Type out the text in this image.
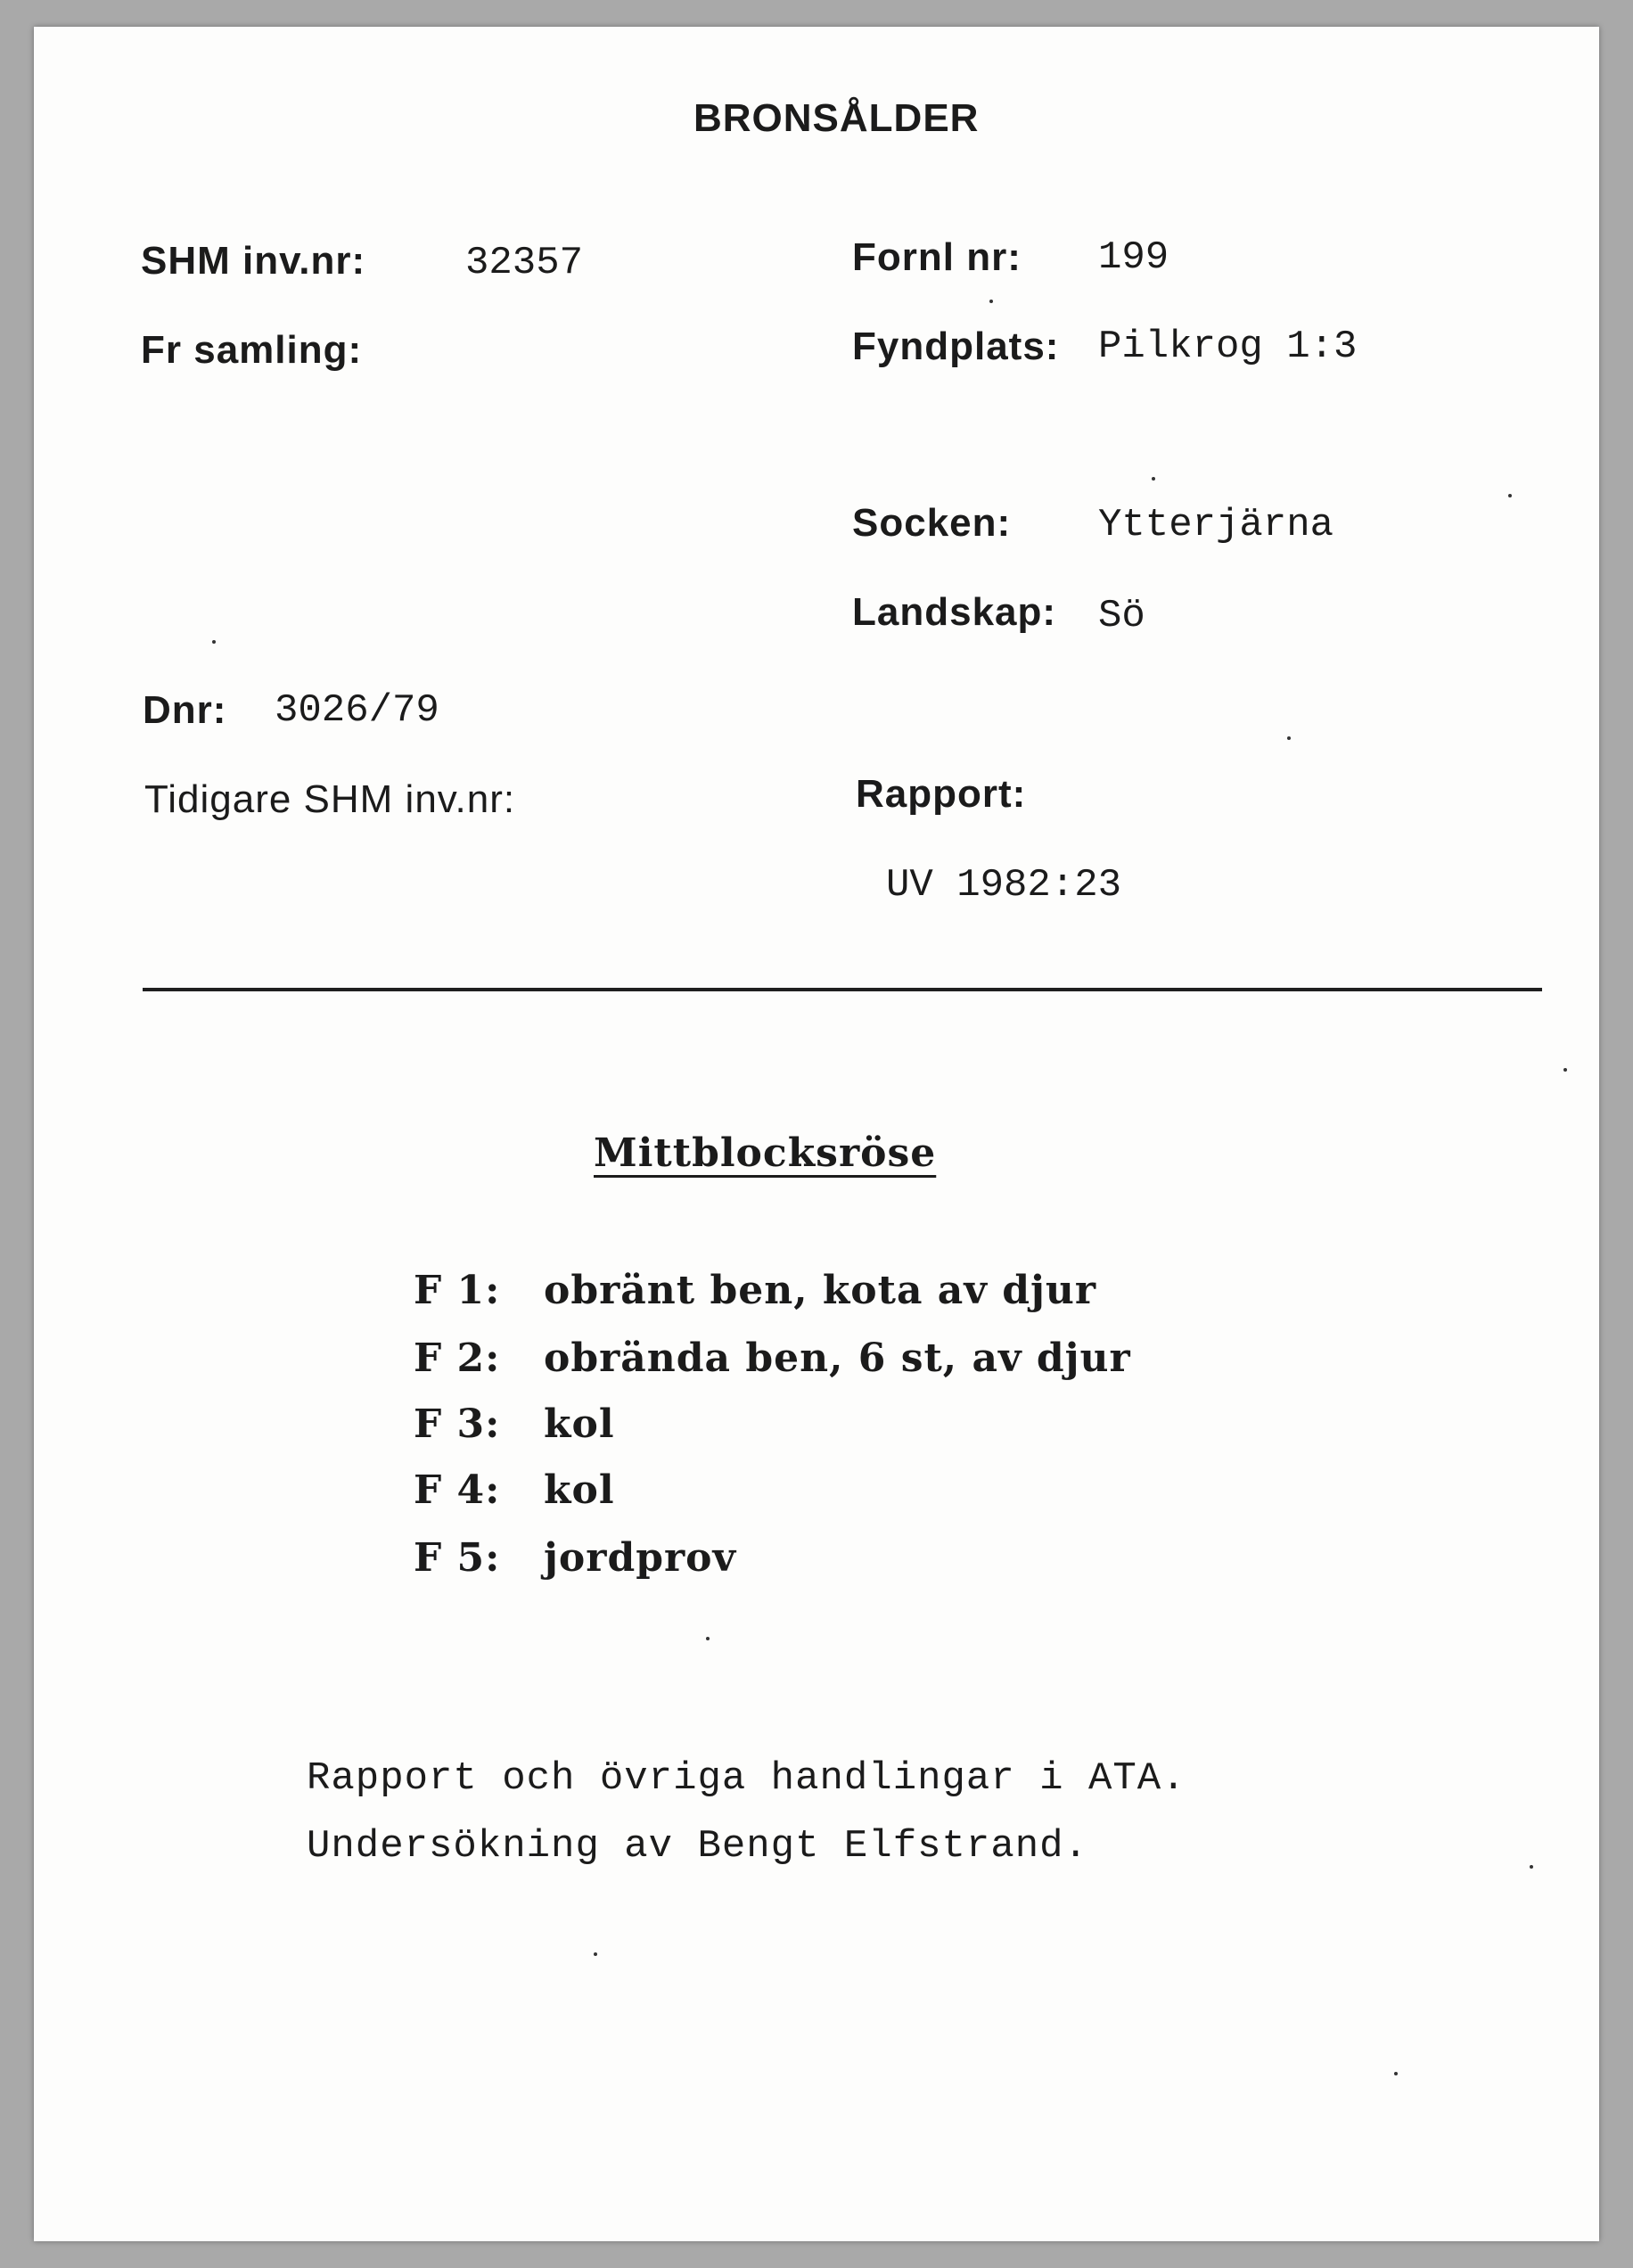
BRONSÅLDER

SHM inv.nr:	32357	Fornl nr: 199

Fr samling:	Fyndplats: Pilkrog 1:3

Socken: Ytterjärna

Landskap: Sö

Dnr: 3026/79

Tidigare SHM inv.nr:	Rapport:

UV 1982:23

Mittblocksröse

F 1: obränt ben, kota av djur

F 2: obrända ben, 6 st, av djur

F 3: kol

F 4: kol

F 5: jordprov

Rapport och övriga handlingar i ATA.

Undersökning av Bengt Elfstrand.
